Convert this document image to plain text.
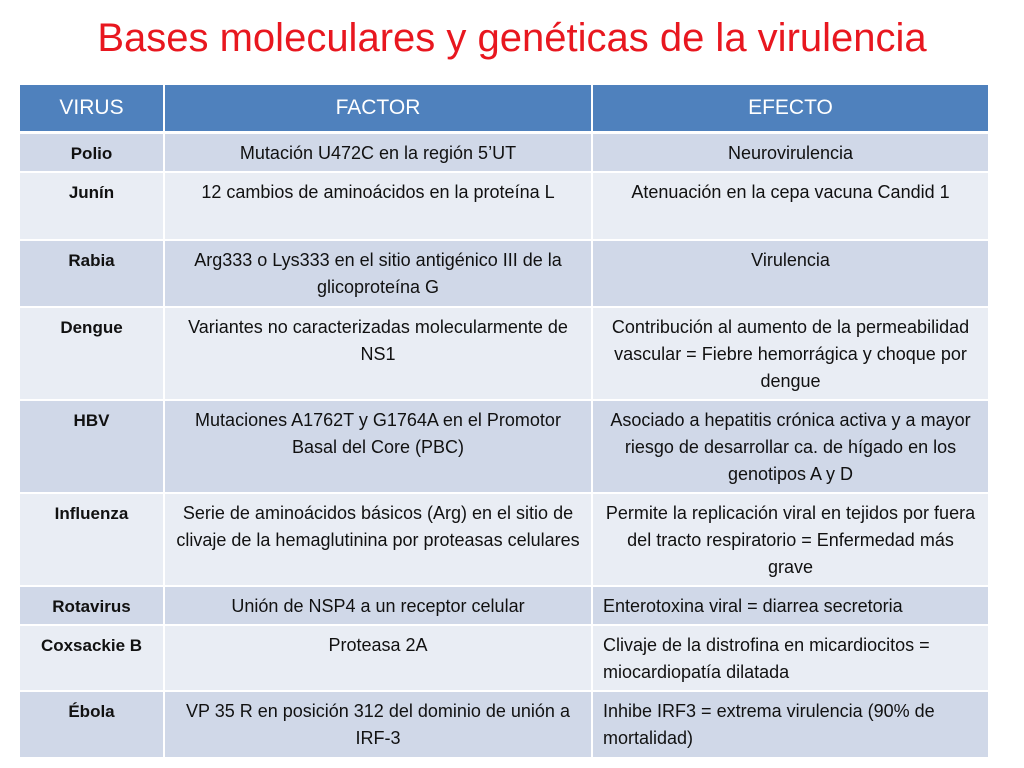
Bases moleculares y genéticas de la virulencia
VIRUS	FACTOR	EFECTO
Polio	Mutación U472C en la región 5’UT	Neurovirulencia
Junín	12 cambios de aminoácidos en la proteína L	Atenuación en la cepa vacuna Candid 1
Rabia	Arg333 o Lys333 en el sitio antigénico III de la glicoproteína G	Virulencia
Dengue	Variantes no caracterizadas molecularmente de NS1	Contribución al aumento de la permeabilidad vascular = Fiebre hemorrágica y choque por dengue
HBV	Mutaciones A1762T y G1764A en el Promotor Basal del Core (PBC)	Asociado a hepatitis crónica activa y a mayor riesgo de desarrollar ca. de hígado en los genotipos A y D
Influenza	Serie de aminoácidos básicos (Arg) en el sitio de clivaje de la hemaglutinina por proteasas celulares	Permite la replicación viral en tejidos por fuera del tracto respiratorio = Enfermedad más grave
Rotavirus	Unión de NSP4 a un receptor celular	Enterotoxina viral = diarrea secretoria
Coxsackie B	Proteasa 2A	Clivaje de la distrofina en micardiocitos = miocardiopatía dilatada
Ébola	VP 35 R en posición 312 del dominio de unión a IRF-3	Inhibe IRF3 = extrema virulencia (90% de mortalidad)
